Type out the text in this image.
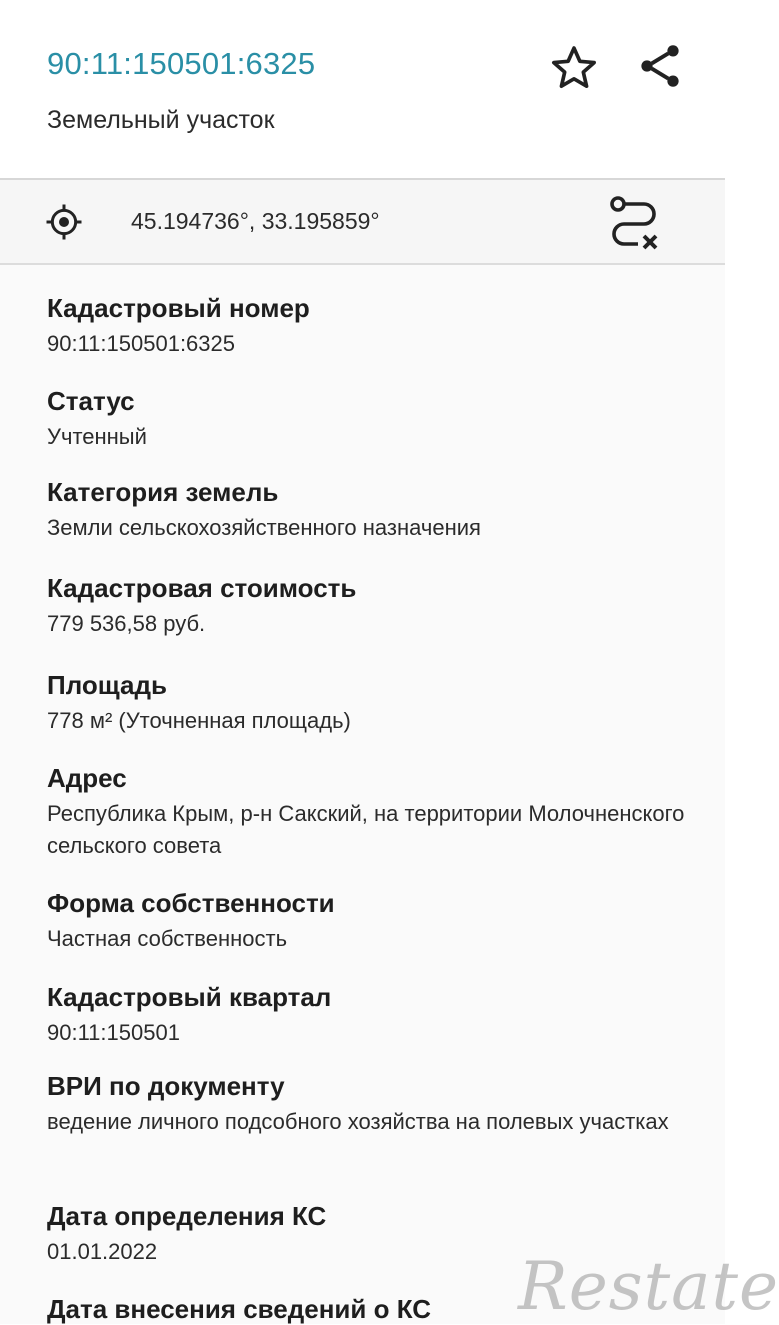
90:11:150501:6325
Земельный участок
45.194736°, 33.195859°
Кадастровый номер
90:11:150501:6325
Статус
Учтенный
Категория земель
Земли сельскохозяйственного назначения
Кадастровая стоимость
779 536,58 руб.
Площадь
778 м² (Уточненная площадь)
Адрес
Республика Крым, р-н Сакский, на территории Молочненского сельского совета
Форма собственности
Частная собственность
Кадастровый квартал
90:11:150501
ВРИ по документу
ведение личного подсобного хозяйства на полевых участках
Дата определения КС
01.01.2022
Дата внесения сведений о КС	Restate
